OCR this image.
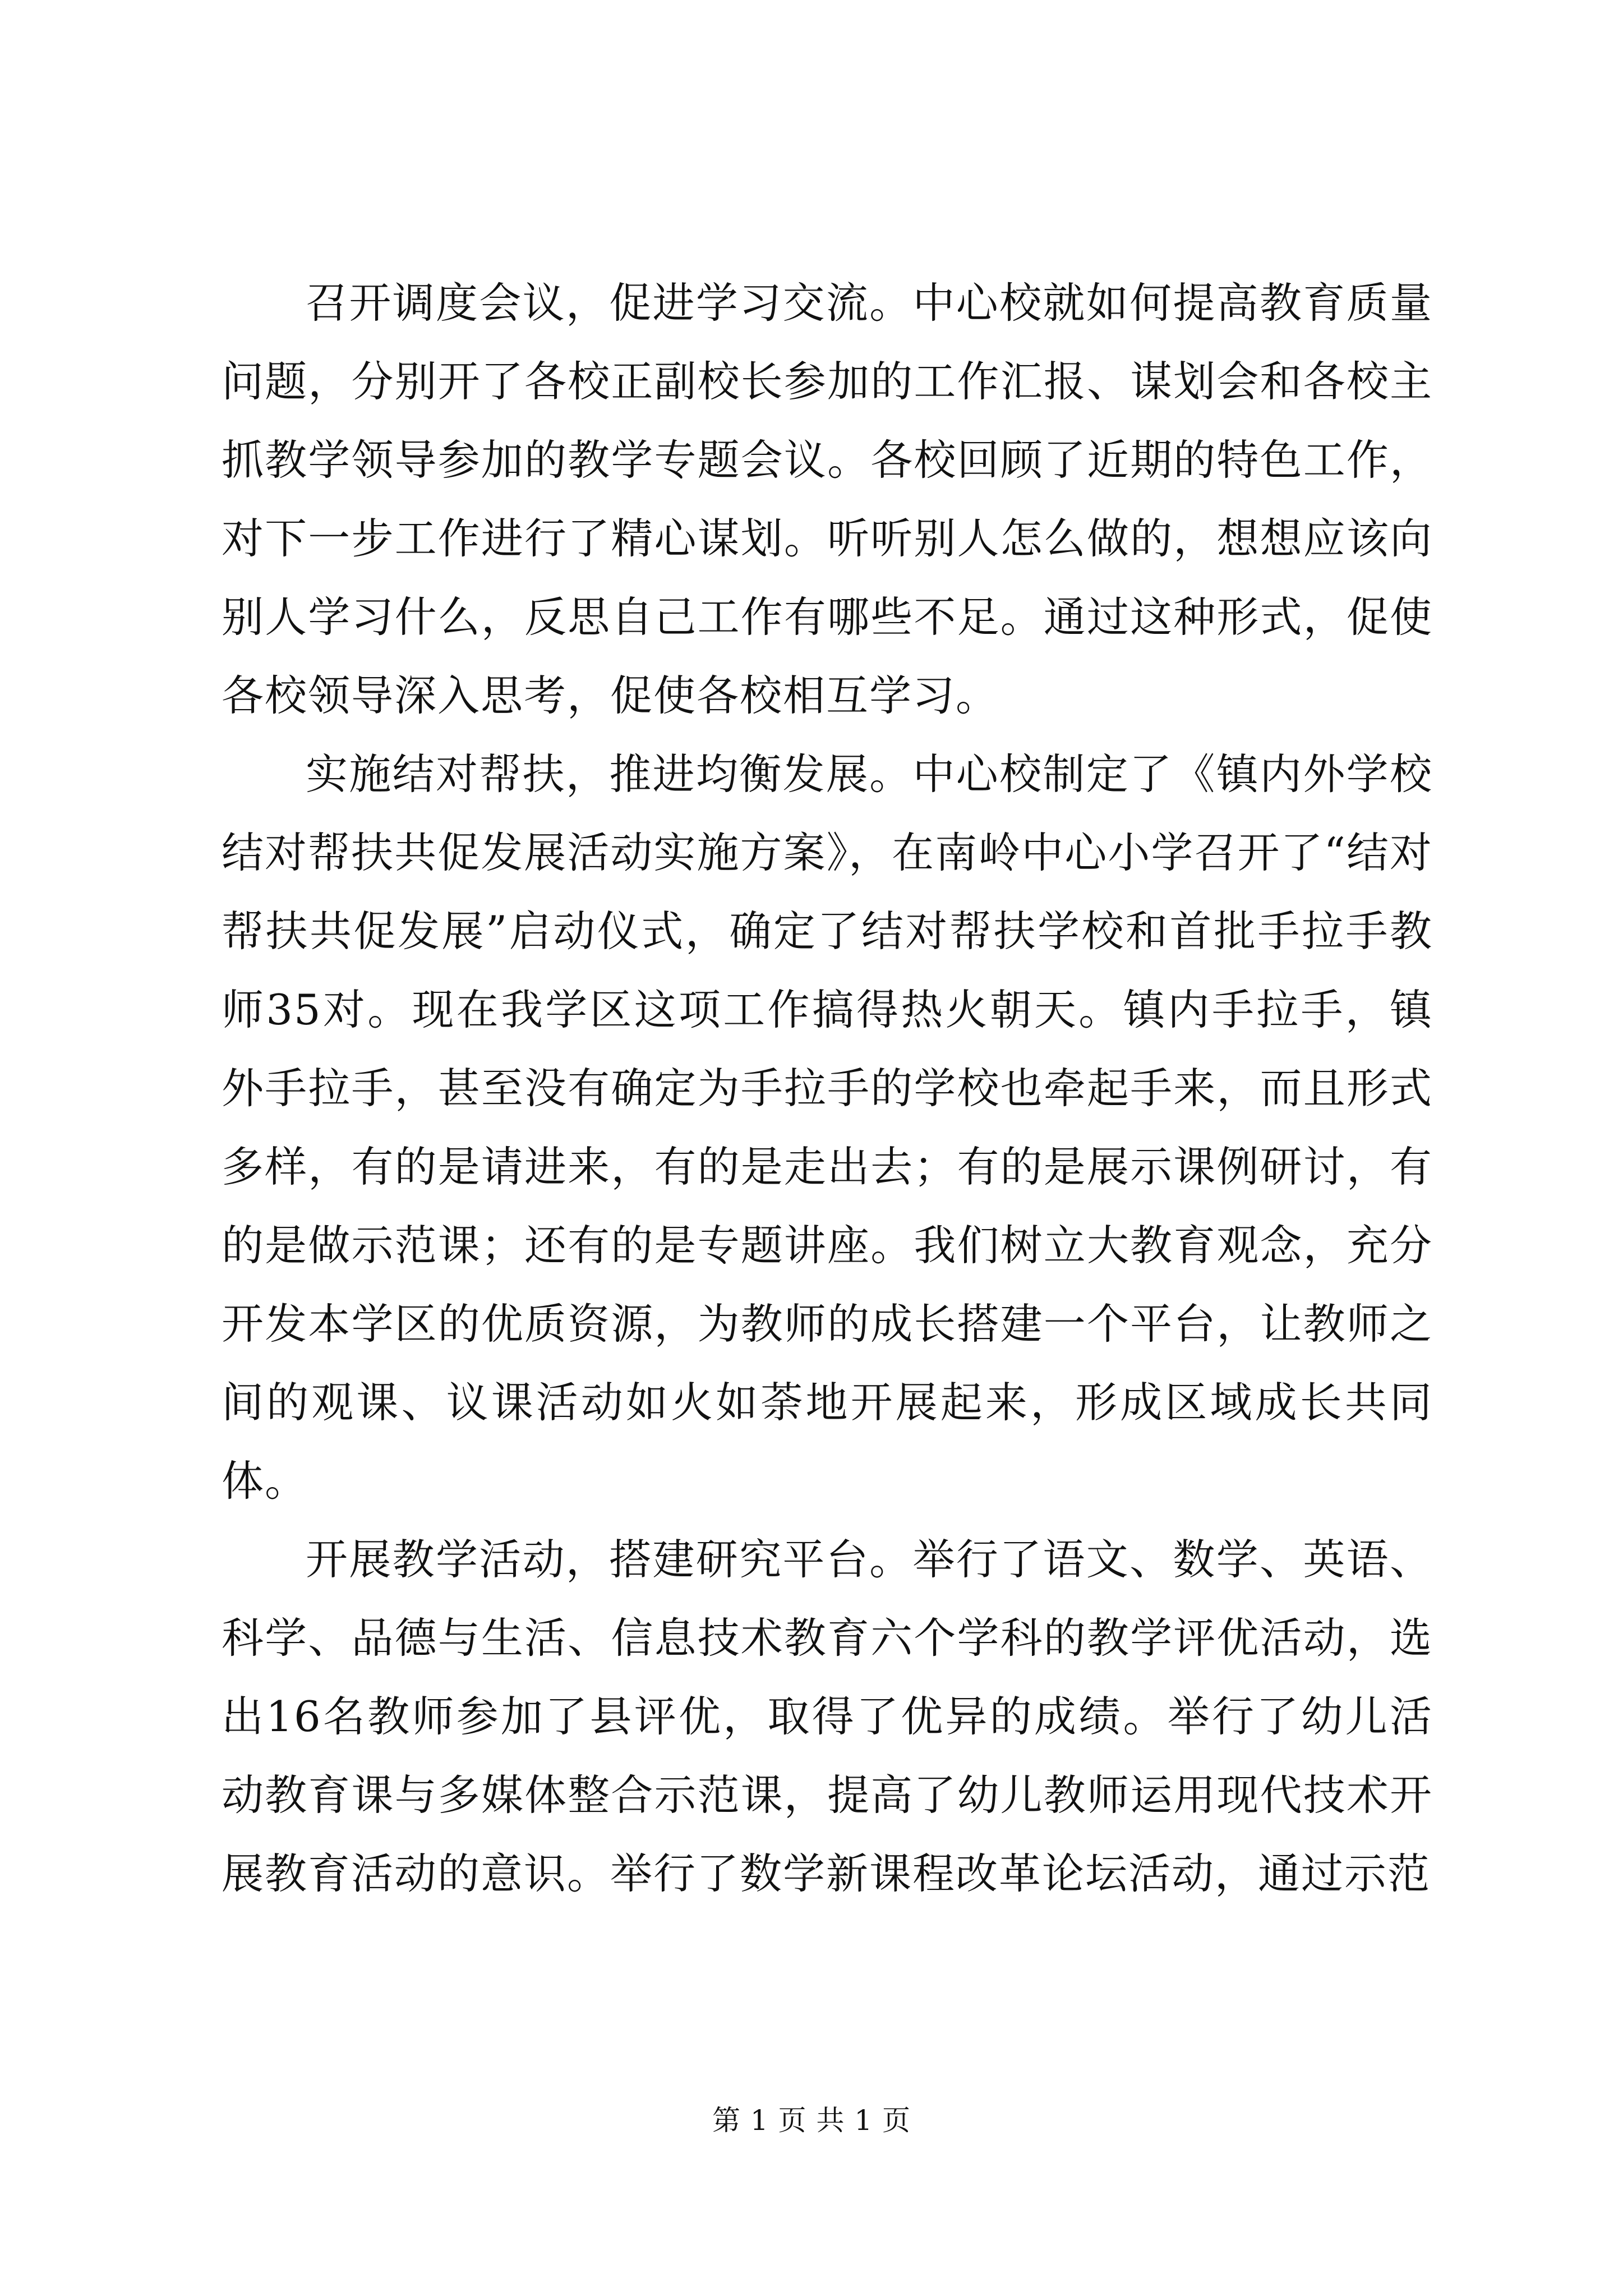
召开调度会议，促进学习交流。中心校就如何提高教育质量问题，分别开了各校正副校长参加的工作汇报、谋划会和各校主抓教学领导参加的教学专题会议。各校回顾了近期的特色工作，对下一步工作进行了精心谋划。听听别人怎么做的，想想应该向别人学习什么，反思自己工作有哪些不足。通过这种形式，促使各校领导深入思考，促使各校相互学习。

实施结对帮扶，推进均衡发展。中心校制定了《镇内外学校结对帮扶共促发展活动实施方案》，在南岭中心小学召开了“结对帮扶共促发展”启动仪式，确定了结对帮扶学校和首批手拉手教师35对。现在我学区这项工作搞得热火朝天。镇内手拉手，镇外手拉手，甚至没有确定为手拉手的学校也牵起手来，而且形式多样，有的是请进来，有的是走出去；有的是展示课例研讨，有的是做示范课；还有的是专题讲座。我们树立大教育观念，充分开发本学区的优质资源，为教师的成长搭建一个平台，让教师之间的观课、议课活动如火如荼地开展起来，形成区域成长共同体。

开展教学活动，搭建研究平台。举行了语文、数学、英语、科学、品德与生活、信息技术教育六个学科的教学评优活动，选出16名教师参加了县评优，取得了优异的成绩。举行了幼儿活动教育课与多媒体整合示范课，提高了幼儿教师运用现代技术开展教育活动的意识。举行了数学新课程改革论坛活动，通过示范

第 1 页 共 1 页
